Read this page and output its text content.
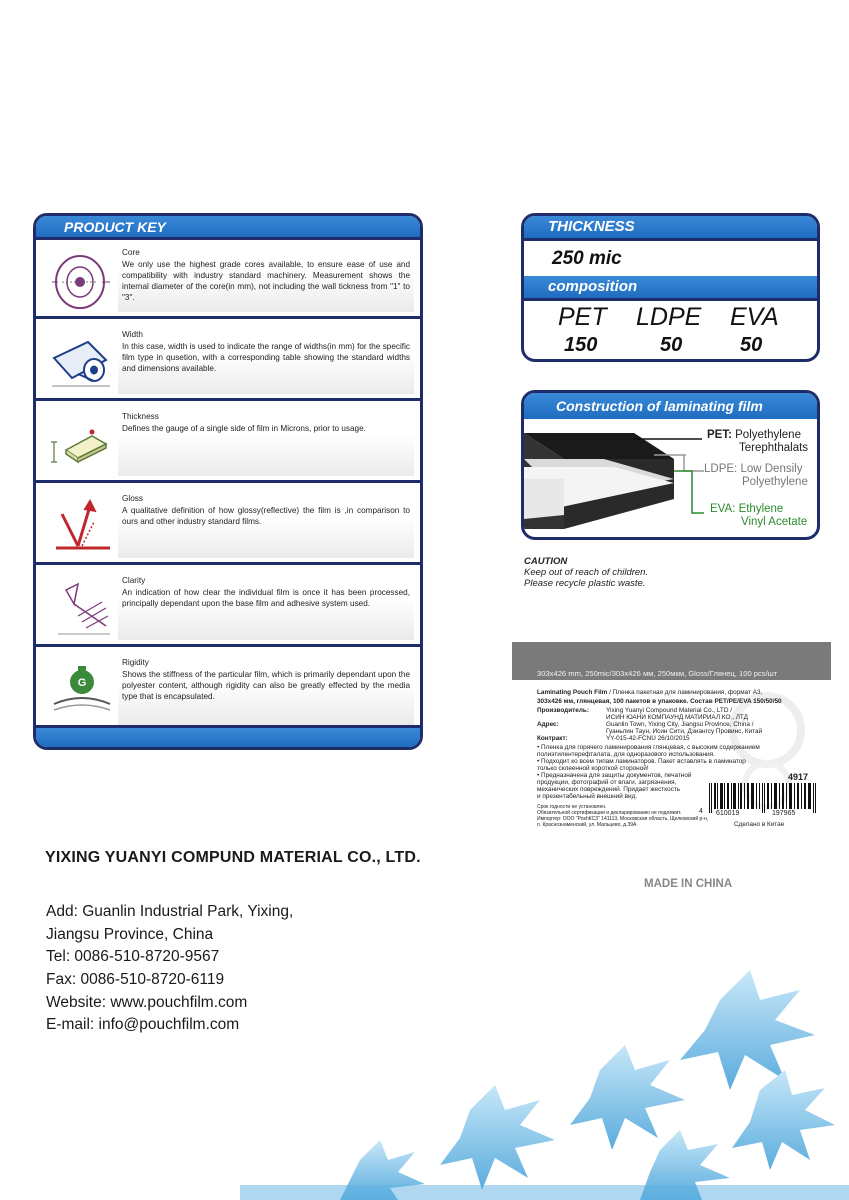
PRODUCT KEY
Core
We only use the highest grade cores available, to ensure ease of use and compatibility with industry standard machinery. Measurement shows the internal diameter of the core(in mm), not including the wall tickness from "1" to "3".
Width
In this case, width is used to indicate the range of widths(in mm) for the specific film type in qusetion, with a corresponding table showing the standard widths and dimensions available.
Thickness
Defines the gauge of a single side of film in Microns, prior to usage.
Gloss
A qualitative definition of how glossy(reflective) the film is ,in comparison to ours and other industry standard films.
Clarity
An indication of how clear the individual film is once it has been processed, principally dependant upon the base film and adhesive system used.
G
Rigidity
Shows the stiffness of the particular film, which is primarily dependant upon the polyester content, although rigidity can also be greatly effected by the media type that is encapsulated.
THICKNESS
250 mic
composition
PET LDPE EVA
150	50	50
Construction of laminating film
PET: Polyethylene
Terephthalats
LDPE: Low Densily
Polyethylene
EVA: Ethylene
Vinyl Acetate
CAUTION
Keep out of reach of children.
Please recycle plastic waste.
303x426 mm, 250mic/303x426 мм, 250мкм, Gloss/Глянец, 100 pcs/шт
Laminating Pouch Film / Пленка пакетная для ламинирования, формат А3,
303x426 мм, глянцевая, 100 пакетов в упаковке. Состав PET/PE/EVA 150/50/50
Производитель:	Yixing Yuanyi Compound Material Co., LTD /
ИСИН ЮАНИ КОМПАУНД МАТИРИАЛ КО., ЛТД
Адрес:	Guanlin Town, Yixing City, Jiangsu Province, China /
Гуаньлин Таун, Исин Сити, Дзиангсу Провинс, Китай
Контракт:	YY-015-42-FCNU 26/10/2015
• Пленка для горячего ламинирования глянцевая, с высоким содержанием
полиэтилентерефталата, для одноразового использования.
• Подходит ко всем типам ламинаторов. Пакет вставлять в ламинатор
только склеенной короткой стороной!
• Предназначена для защиты документов, печатной
продукции, фотографий от влаги, загрязнения,
механических повреждений. Придает жесткость
и презентабельный внешний вид.
Срок годности не установлен.
Обязательной сертификации и декларированию не подлежит.
Импортер: ООО "РоshКС3" 141113, Московская область, Щелковский р-н,
п. Краснознаменский, ул. Мальцево, д.39А
4917
4 610019	197965
Сделано в Китае
YIXING YUANYI COMPUND MATERIAL CO., LTD.
MADE IN CHINA
Add: Guanlin Industrial Park, Yixing,
Jiangsu Province, China
Tel: 0086-510-8720-9567
Fax: 0086-510-8720-6119
Website: www.pouchfilm.com
E-mail: info@pouchfilm.com
